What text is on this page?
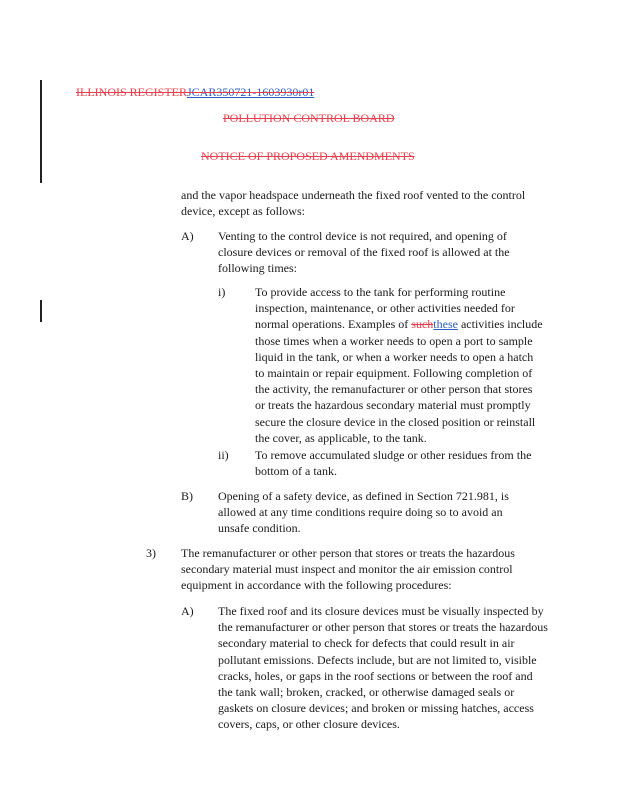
ILLINOIS REGISTERJCAR350721-1603930r01
POLLUTION CONTROL BOARD
NOTICE OF PROPOSED AMENDMENTS
and the vapor headspace underneath the fixed roof vented to the control device, except as follows:
A) Venting to the control device is not required, and opening of closure devices or removal of the fixed roof is allowed at the following times:
i) To provide access to the tank for performing routine inspection, maintenance, or other activities needed for normal operations. Examples of suchthese activities include those times when a worker needs to open a port to sample liquid in the tank, or when a worker needs to open a hatch to maintain or repair equipment. Following completion of the activity, the remanufacturer or other person that stores or treats the hazardous secondary material must promptly secure the closure device in the closed position or reinstall the cover, as applicable, to the tank.
ii) To remove accumulated sludge or other residues from the bottom of a tank.
B) Opening of a safety device, as defined in Section 721.981, is allowed at any time conditions require doing so to avoid an unsafe condition.
3) The remanufacturer or other person that stores or treats the hazardous secondary material must inspect and monitor the air emission control equipment in accordance with the following procedures:
A) The fixed roof and its closure devices must be visually inspected by the remanufacturer or other person that stores or treats the hazardous secondary material to check for defects that could result in air pollutant emissions. Defects include, but are not limited to, visible cracks, holes, or gaps in the roof sections or between the roof and the tank wall; broken, cracked, or otherwise damaged seals or gaskets on closure devices; and broken or missing hatches, access covers, caps, or other closure devices.
